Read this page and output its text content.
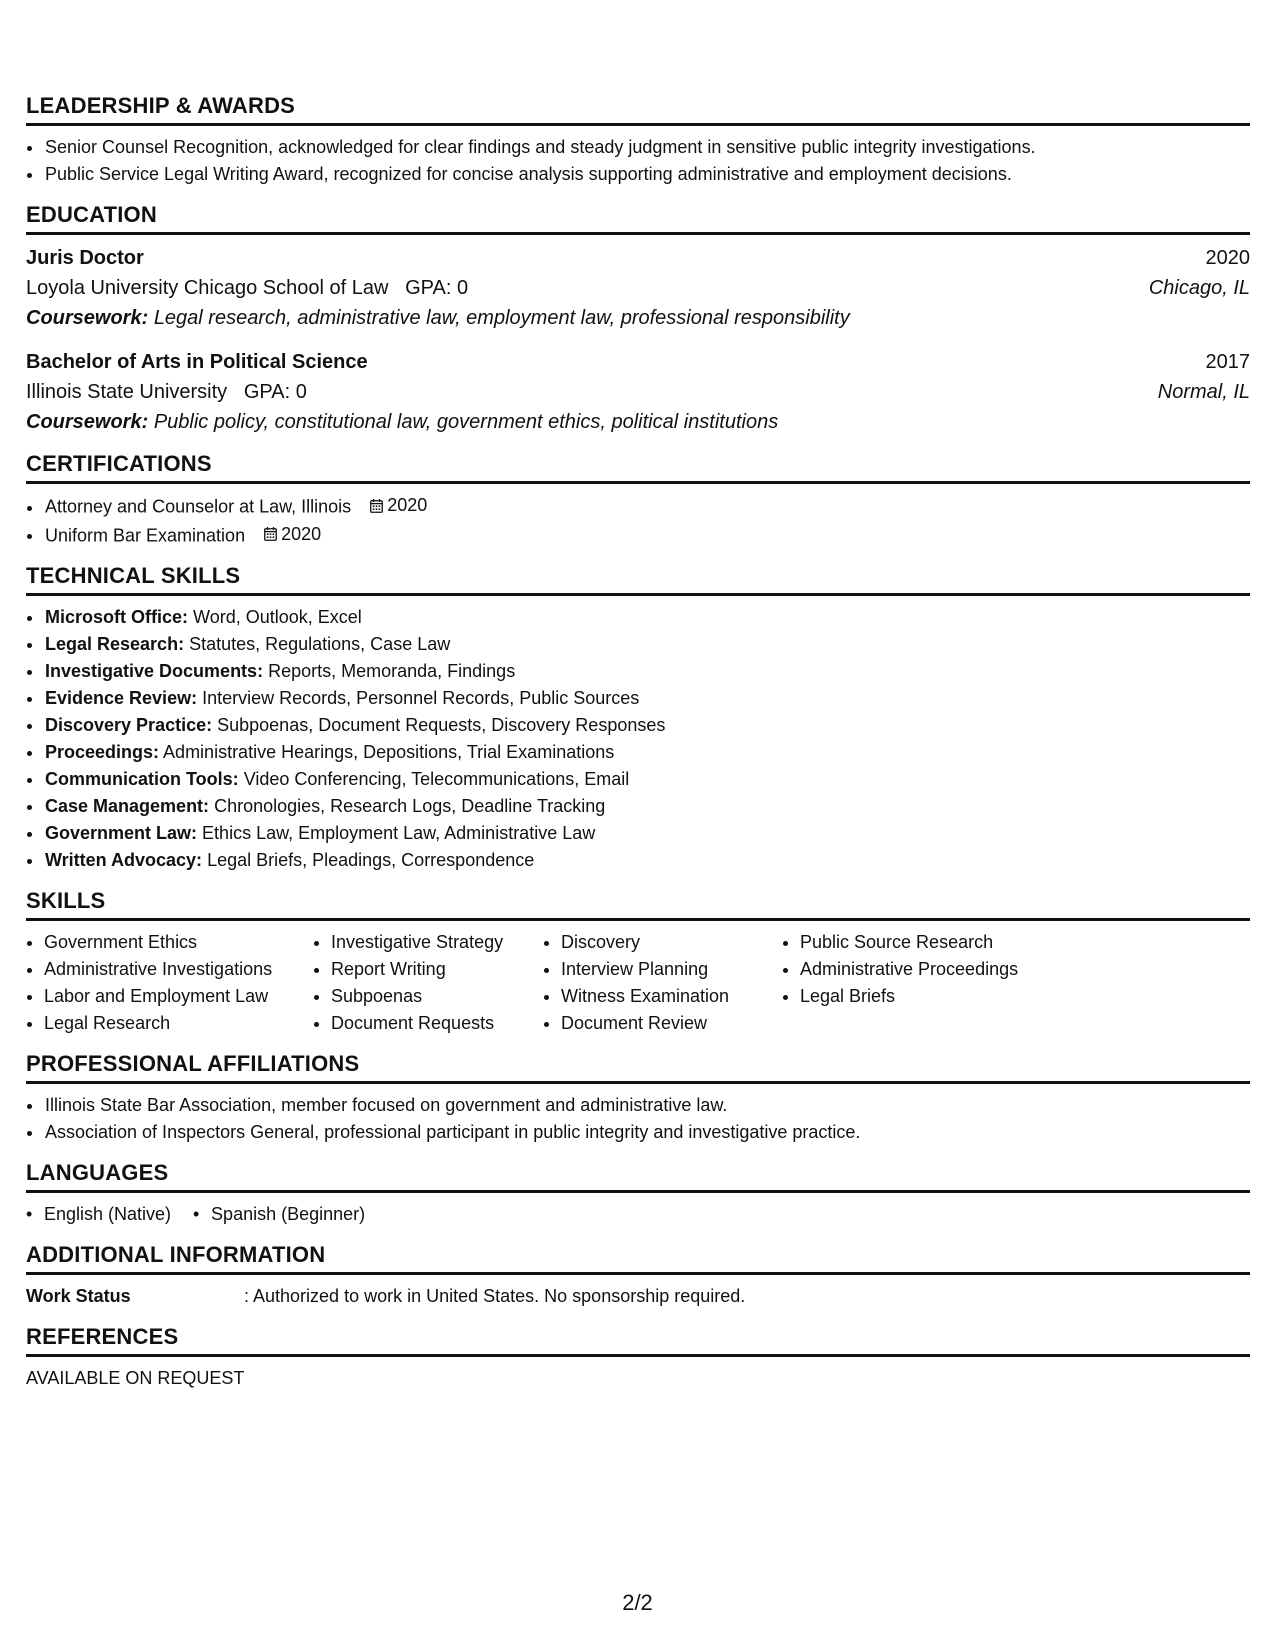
LEADERSHIP & AWARDS
• Senior Counsel Recognition, acknowledged for clear findings and steady judgment in sensitive public integrity investigations.
• Public Service Legal Writing Award, recognized for concise analysis supporting administrative and employment decisions.
EDUCATION
Juris Doctor	2020
Loyola University Chicago School of Law GPA: 0	Chicago, IL
Coursework: Legal research, administrative law, employment law, professional responsibility
Bachelor of Arts in Political Science	2017
Illinois State University GPA: 0	Normal, IL
Coursework: Public policy, constitutional law, government ethics, political institutions
CERTIFICATIONS
• Attorney and Counselor at Law, Illinois 2020
• Uniform Bar Examination 2020
TECHNICAL SKILLS
• Microsoft Office: Word, Outlook, Excel
• Legal Research: Statutes, Regulations, Case Law
• Investigative Documents: Reports, Memoranda, Findings
• Evidence Review: Interview Records, Personnel Records, Public Sources
• Discovery Practice: Subpoenas, Document Requests, Discovery Responses
• Proceedings: Administrative Hearings, Depositions, Trial Examinations
• Communication Tools: Video Conferencing, Telecommunications, Email
• Case Management: Chronologies, Research Logs, Deadline Tracking
• Government Law: Ethics Law, Employment Law, Administrative Law
• Written Advocacy: Legal Briefs, Pleadings, Correspondence
SKILLS
• Government Ethics
• Administrative Investigations
• Labor and Employment Law
• Legal Research
• Investigative Strategy
• Report Writing
• Subpoenas
• Document Requests
• Discovery
• Interview Planning
• Witness Examination
• Document Review
• Public Source Research
• Administrative Proceedings
• Legal Briefs
PROFESSIONAL AFFILIATIONS
• Illinois State Bar Association, member focused on government and administrative law.
• Association of Inspectors General, professional participant in public integrity and investigative practice.
LANGUAGES
• English (Native)
•	Spanish (Beginner)
ADDITIONAL INFORMATION
Work Status	: Authorized to work in United States. No sponsorship required.
REFERENCES
AVAILABLE ON REQUEST
2/2
